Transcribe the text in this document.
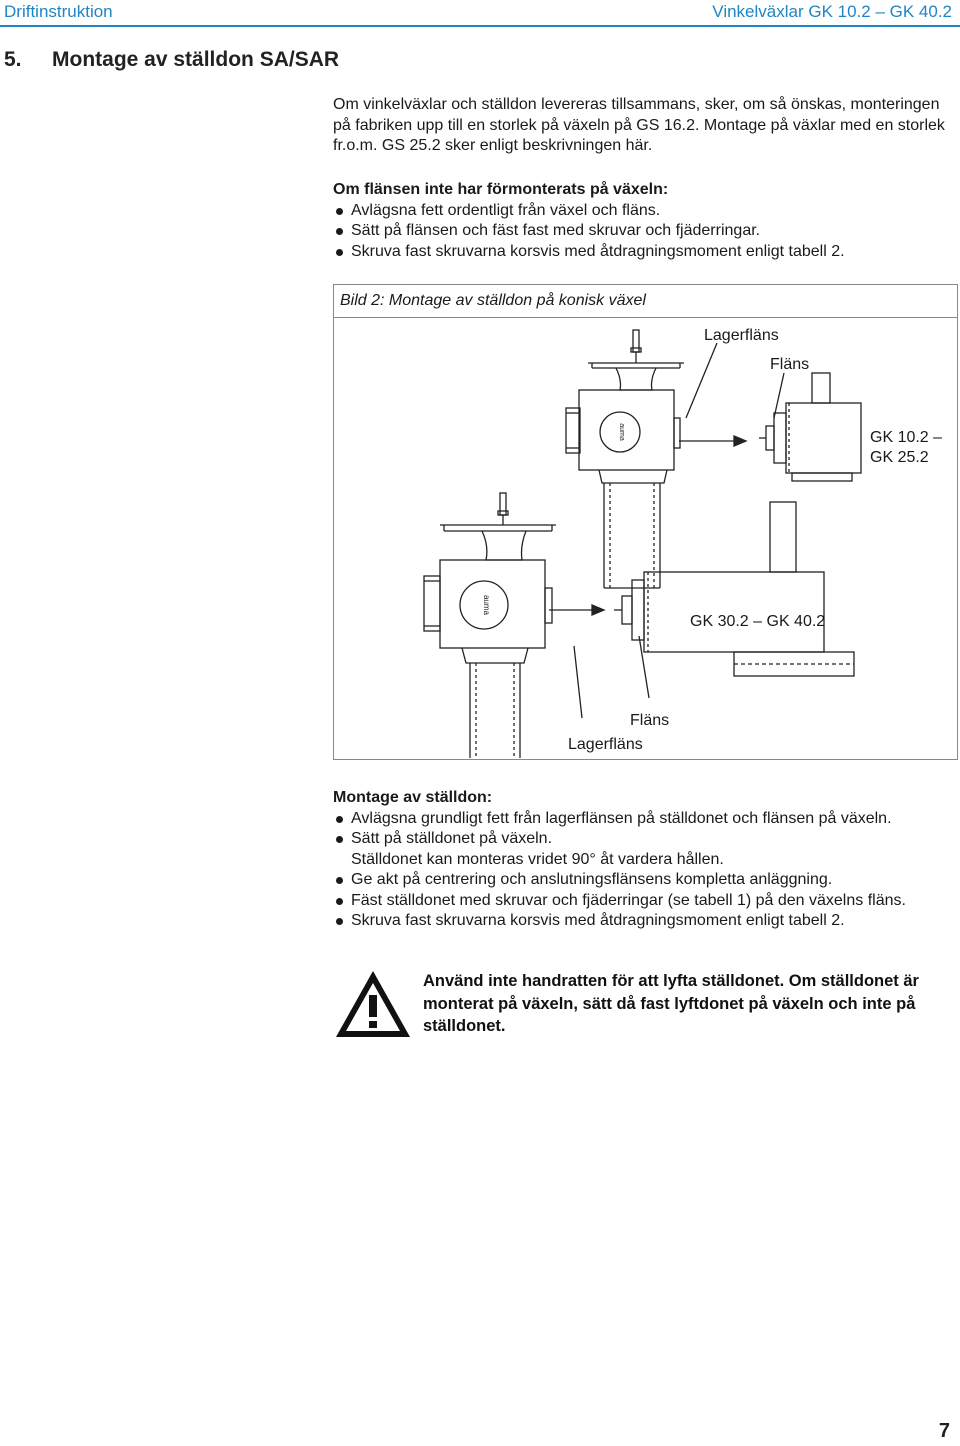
Driftinstruktion	Vinkelväxlar GK 10.2 – GK 40.2
5. Montage av ställdon SA/SAR
Om vinkelväxlar och ställdon levereras tillsammans, sker, om så önskas, monteringen på fabriken upp till en storlek på växeln på GS 16.2. Montage på växlar med en storlek fr.o.m. GS 25.2 sker enligt beskrivningen här.
Om flänsen inte har förmonterats på växeln:
Avlägsna fett ordentligt från växel och fläns.
Sätt på flänsen och fäst fast med skruvar och fjäderringar.
Skruva fast skruvarna korsvis med åtdragningsmoment enligt tabell 2.
Bild 2: Montage av ställdon på konisk växel
auma
auma
Lagerfläns
Fläns
GK 10.2 –
GK 25.2
GK 30.2 – GK 40.2
Fläns
Lagerfläns
Montage av ställdon:
Avlägsna grundligt fett från lagerflänsen på ställdonet och flänsen på växeln.
Sätt på ställdonet på växeln.
Ställdonet kan monteras vridet 90° åt vardera hållen.
Ge akt på centrering och anslutningsflänsens kompletta anläggning.
Fäst ställdonet med skruvar och fjäderringar (se tabell 1) på den växelns fläns.
Skruva fast skruvarna korsvis med åtdragningsmoment enligt tabell 2.
Använd inte handratten för att lyfta ställdonet. Om ställdonet är monterat på växeln, sätt då fast lyftdonet på växeln och inte på ställdonet.
7
